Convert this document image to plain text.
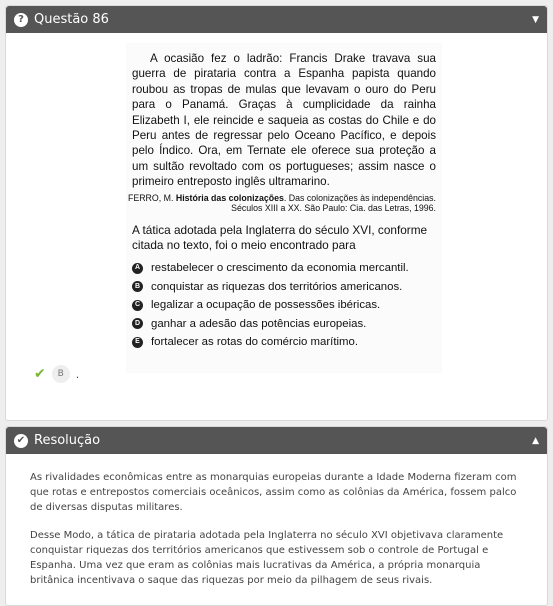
? Questão 86	▼

A ocasião fez o ladrão: Francis Drake travava sua guerra de pirataria contra a Espanha papista quando roubou as tropas de mulas que levavam o ouro do Peru para o Panamá. Graças à cumplicidade da rainha Elizabeth I, ele reincide e saqueia as costas do Chile e do Peru antes de regressar pelo Oceano Pacífico, e depois pelo Índico. Ora, em Ternate ele oferece sua proteção a um sultão revoltado com os portugueses; assim nasce o primeiro entreposto inglês ultramarino.

FERRO, M. História das colonizações. Das colonizações às independências. Séculos XIII a XX. São Paulo: Cia. das Letras, 1996.
A tática adotada pela Inglaterra do século XVI, conforme citada no texto, foi o meio encontrado para
A restabelecer o crescimento da economia mercantil.
B conquistar as riquezas dos territórios americanos.
C legalizar a ocupação de possessões ibéricas.
D ganhar a adesão das potências europeias.
E fortalecer as rotas do comércio marítimo.
✔	B	.
✔ Resolução	▲

As rivalidades econômicas entre as monarquias europeias durante a Idade Moderna fizeram com que rotas e entrepostos comerciais oceânicos, assim como as colônias da América, fossem palco de diversas disputas militares.

Desse Modo, a tática de pirataria adotada pela Inglaterra no século XVI objetivava claramente conquistar riquezas dos territórios americanos que estivessem sob o controle de Portugal e Espanha. Uma vez que eram as colônias mais lucrativas da América, a própria monarquia britânica incentivava o saque das riquezas por meio da pilhagem de seus rivais.
